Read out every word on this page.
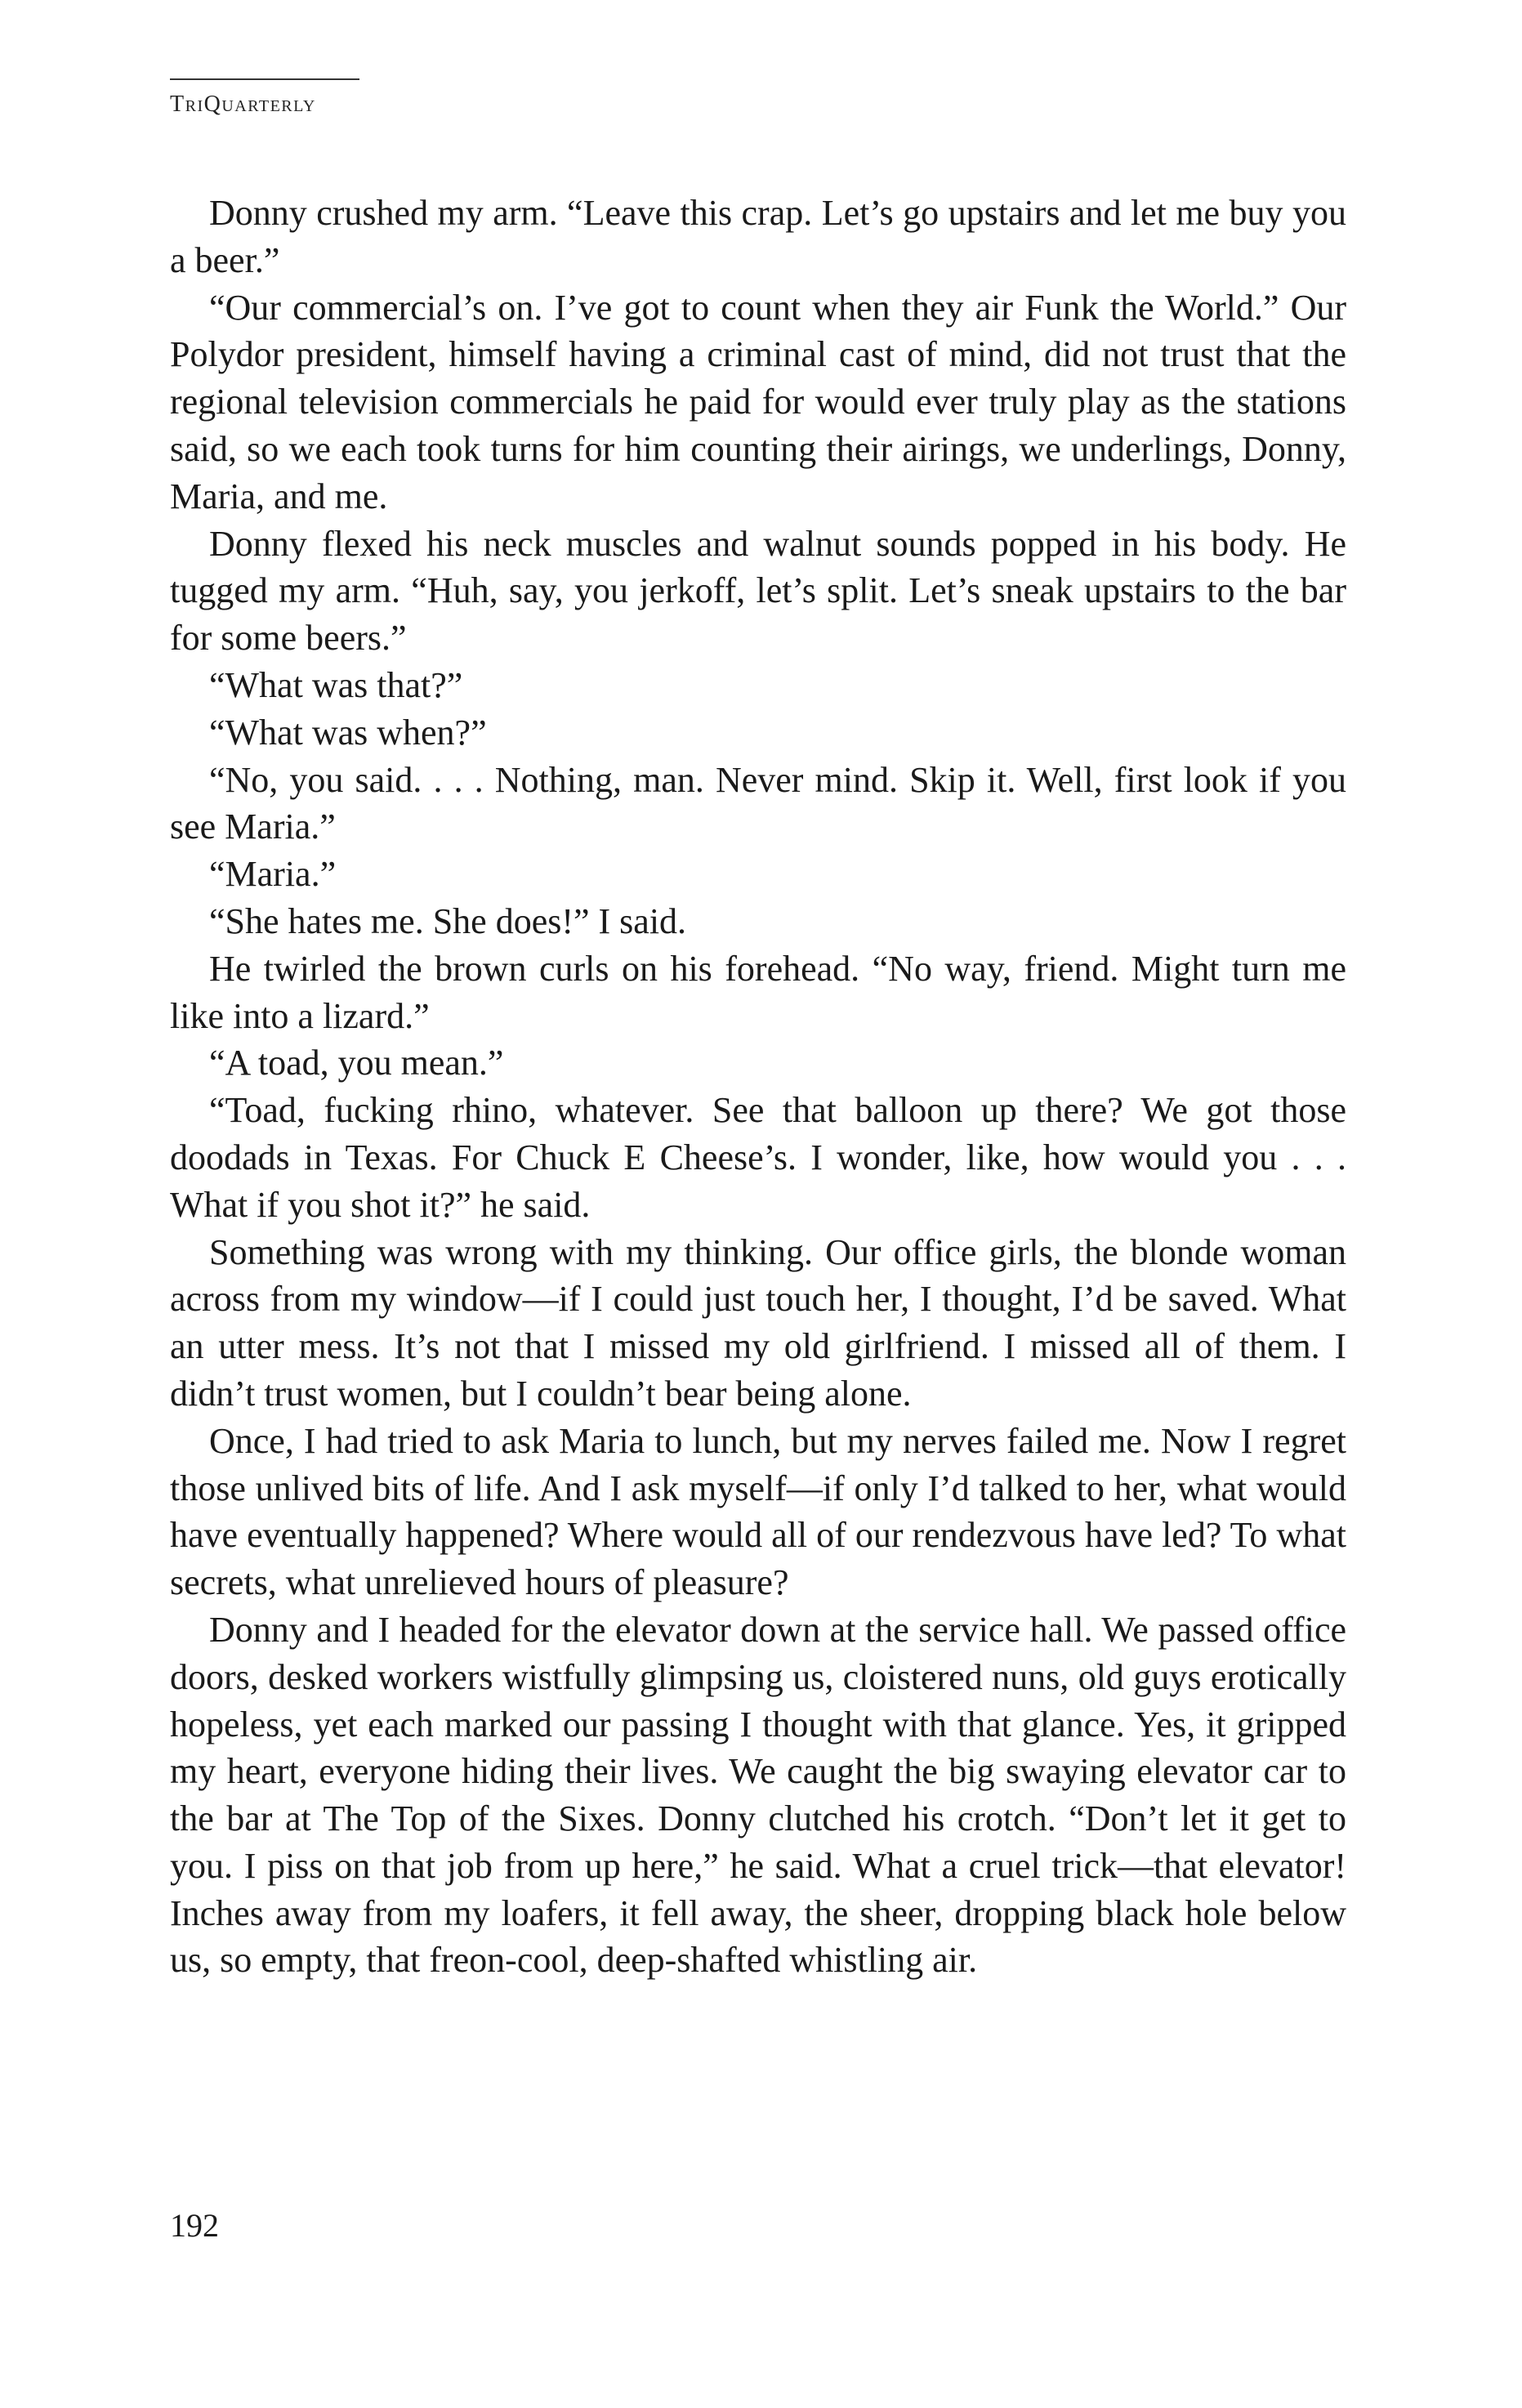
TriQuarterly

Donny crushed my arm. “Leave this crap. Let’s go upstairs and let me buy you a beer.”

“Our commercial’s on. I’ve got to count when they air Funk the World.” Our Polydor president, himself having a criminal cast of mind, did not trust that the regional television commercials he paid for would ever truly play as the stations said, so we each took turns for him counting their airings, we underlings, Donny, Maria, and me.

Donny flexed his neck muscles and walnut sounds popped in his body. He tugged my arm. “Huh, say, you jerkoff, let’s split. Let’s sneak upstairs to the bar for some beers.”

“What was that?”

“What was when?”

“No, you said. . . . Nothing, man. Never mind. Skip it. Well, first look if you see Maria.”

“Maria.”

“She hates me. She does!” I said.

He twirled the brown curls on his forehead. “No way, friend. Might turn me like into a lizard.”

“A toad, you mean.”

“Toad, fucking rhino, whatever. See that balloon up there? We got those doodads in Texas. For Chuck E Cheese’s. I wonder, like, how would you . . . What if you shot it?” he said.

Something was wrong with my thinking. Our office girls, the blonde woman across from my window—if I could just touch her, I thought, I’d be saved. What an utter mess. It’s not that I missed my old girlfriend. I missed all of them. I didn’t trust women, but I couldn’t bear being alone.

Once, I had tried to ask Maria to lunch, but my nerves failed me. Now I regret those unlived bits of life. And I ask myself—if only I’d talked to her, what would have eventually happened? Where would all of our rendezvous have led? To what secrets, what unrelieved hours of pleasure?

Donny and I headed for the elevator down at the service hall. We passed office doors, desked workers wistfully glimpsing us, cloistered nuns, old guys erotically hopeless, yet each marked our passing I thought with that glance. Yes, it gripped my heart, everyone hiding their lives. We caught the big swaying elevator car to the bar at The Top of the Sixes. Donny clutched his crotch. “Don’t let it get to you. I piss on that job from up here,” he said. What a cruel trick—that elevator! Inches away from my loafers, it fell away, the sheer, dropping black hole below us, so empty, that freon-cool, deep-shafted whistling air.

192
